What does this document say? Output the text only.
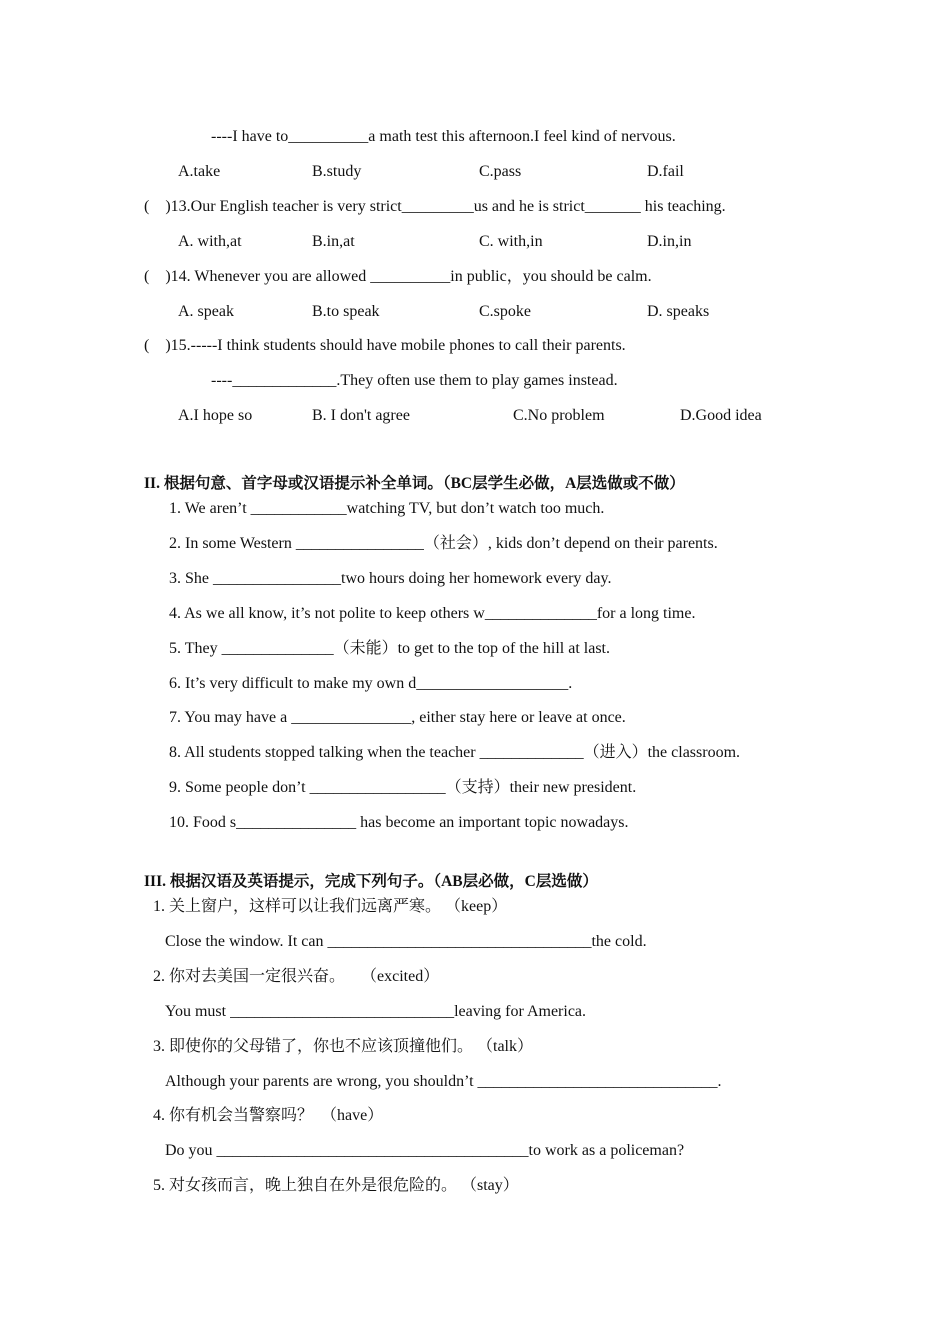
----I have to__________a math test this afternoon.I feel kind of nervous.
A.take	B.study	C.pass	D.fail
(    )13.Our English teacher is very strict_________us and he is strict_______ his teaching.
A. with,at	B.in,at	C. with,in	D.in,in
(    )14. Whenever you are allowed __________in public，you should be calm.
A. speak	B.to speak	C.spoke	D. speaks
(    )15.-----I think students should have mobile phones to call their parents.
----_____________.They often use them to play games instead.
A.I hope so	B. I don't agree	C.No problem	D.Good idea
II. 根据句意、首字母或汉语提示补全单词。（BC层学生必做，A层选做或不做）
1. We aren’t ____________watching TV, but don’t watch too much.
2. In some Western ________________（社会）, kids don’t depend on their parents.
3. She ________________two hours doing her homework every day.
4. As we all know, it’s not polite to keep others w______________for a long time.
5. They ______________（未能）to get to the top of the hill at last.
6. It’s very difficult to make my own d___________________.
7. You may have a _______________, either stay here or leave at once.
8. All students stopped talking when the teacher _____________（进入）the classroom.
9. Some people don’t _________________（支持）their new president.
10. Food s_______________ has become an important topic nowadays.
III. 根据汉语及英语提示，完成下列句子。（AB层必做，C层选做）
1. 关上窗户，这样可以让我们远离严寒。 （keep）
Close the window. It can _________________________________the cold.
2. 你对去美国一定很兴奋。    （excited）
You must ____________________________leaving for America.
3. 即使你的父母错了，你也不应该顶撞他们。 （talk）
Although your parents are wrong, you shouldn’t ______________________________.
4. 你有机会当警察吗？  （have）
Do you _______________________________________to work as a policeman?
5. 对女孩而言，晚上独自在外是很危险的。 （stay）
